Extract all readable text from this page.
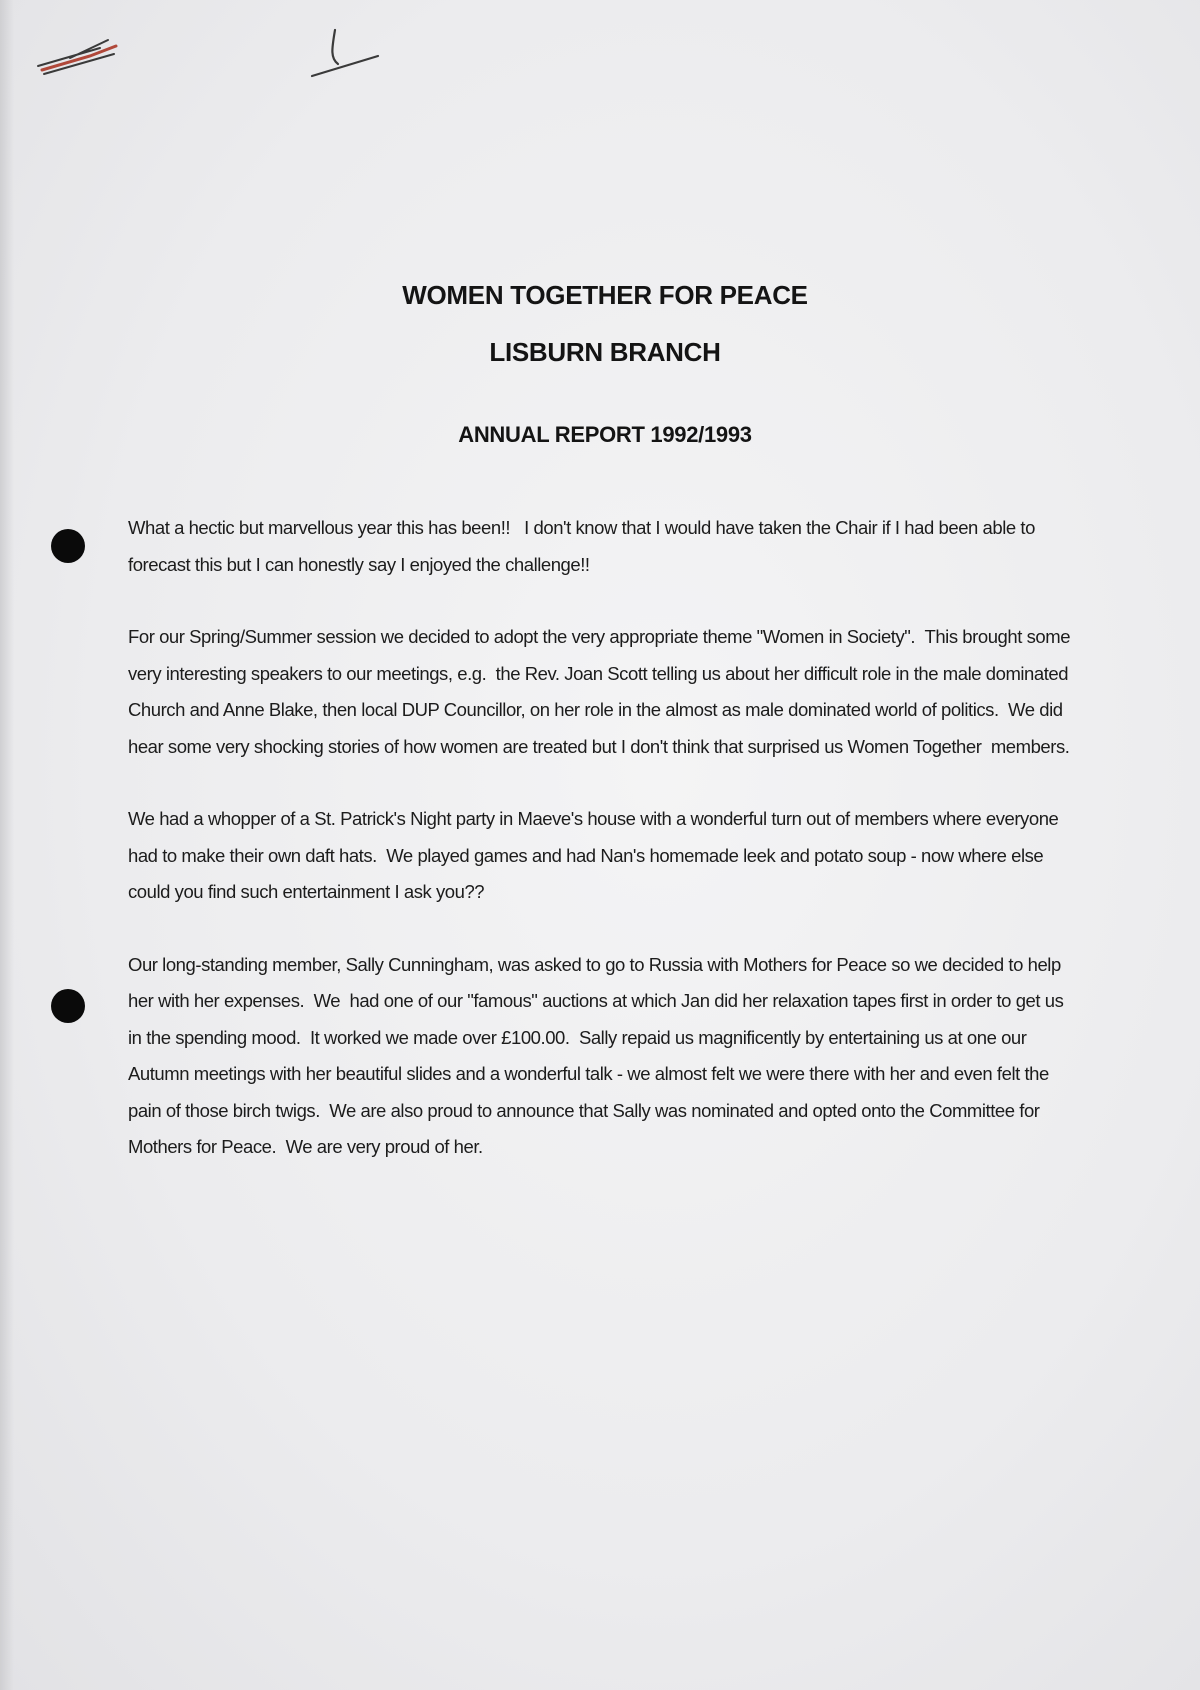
WOMEN TOGETHER FOR PEACE
LISBURN BRANCH
ANNUAL REPORT 1992/1993

What a hectic but marvellous year this has been!!   I don't know that I would have taken the Chair if I had been able to forecast this but I can honestly say I enjoyed the challenge!!

For our Spring/Summer session we decided to adopt the very appropriate theme "Women in Society".  This brought some very interesting speakers to our meetings, e.g.  the Rev. Joan Scott telling us about her difficult role in the male dominated Church and Anne Blake, then local DUP Councillor, on her role in the almost as male dominated world of politics.  We did hear some very shocking stories of how women are treated but I don't think that surprised us Women Together  members.

We had a whopper of a St. Patrick's Night party in Maeve's house with a wonderful turn out of members where everyone had to make their own daft hats.  We played games and had Nan's homemade leek and potato soup - now where else could you find such entertainment I ask you??

Our long-standing member, Sally Cunningham, was asked to go to Russia with Mothers for Peace so we decided to help her with her expenses.  We  had one of our "famous" auctions at which Jan did her relaxation tapes first in order to get us in the spending mood.  It worked we made over £100.00.  Sally repaid us magnificently by entertaining us at one our Autumn meetings with her beautiful slides and a wonderful talk - we almost felt we were there with her and even felt the pain of those birch twigs.  We are also proud to announce that Sally was nominated and opted onto the Committee for Mothers for Peace.  We are very proud of her.
